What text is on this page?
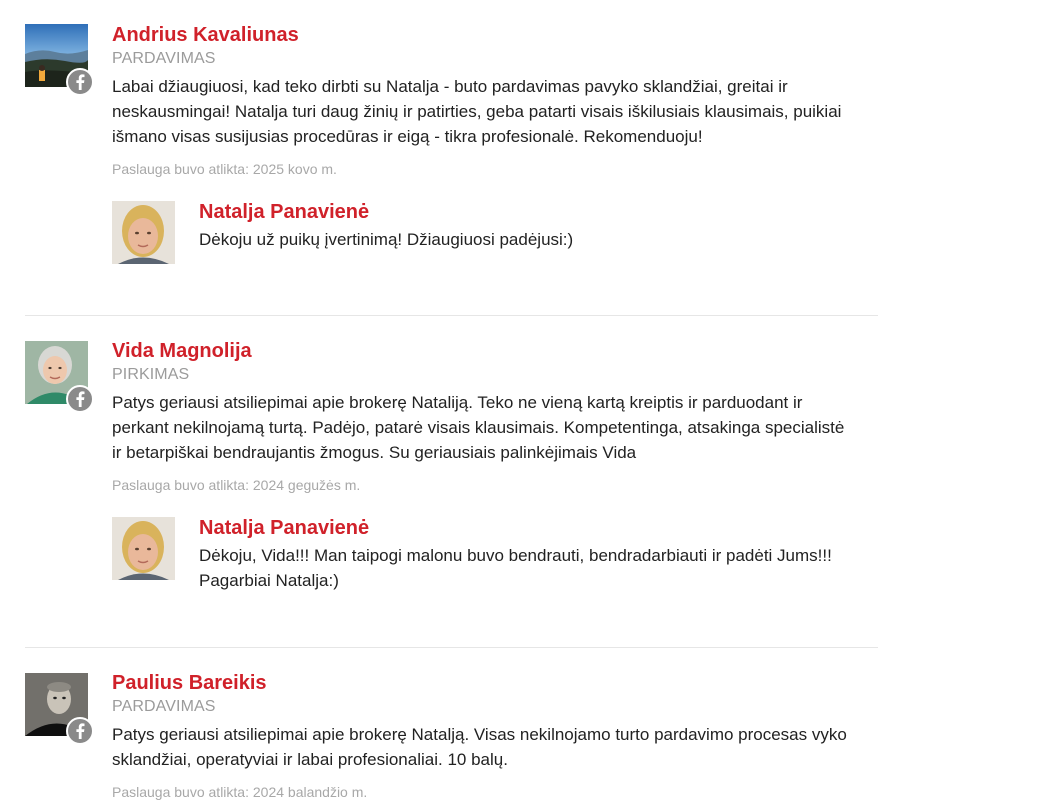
Andrius Kavaliunas
PARDAVIMAS

Labai džiaugiuosi, kad teko dirbti su Natalja - buto pardavimas pavyko sklandžiai, greitai ir neskausmingai! Natalja turi daug žinių ir patirties, geba patarti visais iškilusiais klausimais, puikiai išmano visas susijusias procedūras ir eigą - tikra profesionalė. Rekomenduoju!

Paslauga buvo atlikta: 2025 kovo m.
Natalja Panavienė

Dėkoju už puikų įvertinimą! Džiaugiuosi padėjusi:)

Vida Magnolija
PIRKIMAS

Patys geriausi atsiliepimai apie brokerę Nataliją. Teko ne vieną kartą kreiptis ir parduodant ir perkant nekilnojamą turtą. Padėjo, patarė visais klausimais. Kompetentinga, atsakinga specialistė ir betarpiškai bendraujantis žmogus. Su geriausiais palinkėjimais Vida

Paslauga buvo atlikta: 2024 gegužės m.
Natalja Panavienė

Dėkoju, Vida!!! Man taipogi malonu buvo bendrauti, bendradarbiauti ir padėti Jums!!! Pagarbiai Natalja:)

Paulius Bareikis
PARDAVIMAS

Patys geriausi atsiliepimai apie brokerę Natalją. Visas nekilnojamo turto pardavimo procesas vyko sklandžiai, operatyviai ir labai profesionaliai. 10 balų.

Paslauga buvo atlikta: 2024 balandžio m.
